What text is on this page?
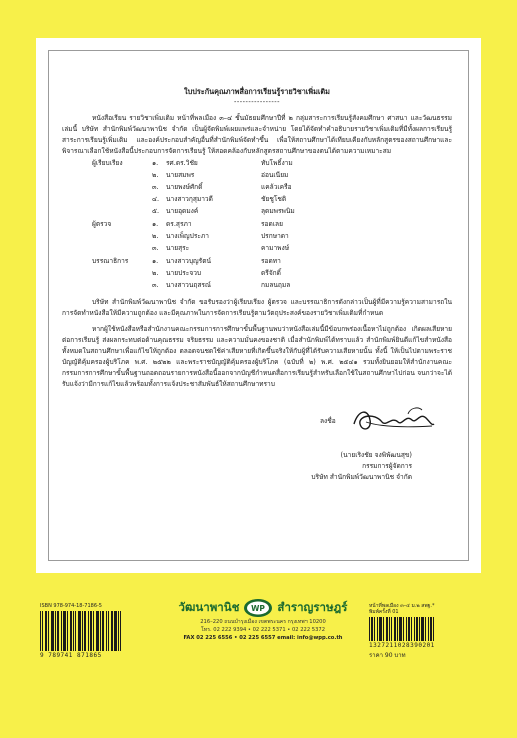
ใบประกันคุณภาพสื่อการเรียนรู้รายวิชาเพิ่มเติม
----------------

หนังสือเรียน รายวิชาเพิ่มเติม หน้าที่พลเมือง ๓–๔ ชั้นมัธยมศึกษาปีที่ ๒ กลุ่มสาระการเรียนรู้สังคมศึกษา ศาสนา และวัฒนธรรม เล่มนี้ บริษัท สำนักพิมพ์วัฒนาพานิช จำกัด เป็นผู้จัดพิมพ์เผยแพร่และจำหน่าย โดยได้จัดทำคำอธิบายรายวิชาเพิ่มเติมที่มีทั้งผลการเรียนรู้ สาระการเรียนรู้เพิ่มเติม และองค์ประกอบสำคัญอื่นที่สำนักพิมพ์จัดทำขึ้น เพื่อให้สถานศึกษาได้เทียบเคียงกับหลักสูตรของสถานศึกษาและพิจารณาเลือกใช้หนังสือนี้ประกอบการจัดการเรียนรู้ ให้สอดคล้องกับหลักสูตรสถานศึกษาของตนได้ตามความเหมาะสม

ผู้เรียบเรียง	๑. รศ.ดร.วิชัย	ทับโพธิ์งาม
๒. นายสมพร	อ่อนเนียม
๓. นายพงษ์ศักดิ์	แคล้วเครือ
๔. นางสาวกุสุมาวดี	ชัยชูโชติ
๕. นายอุดมงค์	ลุดมพรพนิม
ผู้ตรวจ	๑. ดร.สุรภา	รอดเลย
๒. นางเพ็ญประภา	ปรกษาดา
๓. นายสุระ	คามาพงษ์
บรรณาธิการ	๑. นางสาวบุญรัตน์	รอดทา
๒. นายประจวบ	ดรีจักดิ์
๓. นางสาวนฤสรณ์	กมลนฤมล

บริษัท สำนักพิมพ์วัฒนาพานิช จำกัด ขอรับรองว่าผู้เรียบเรียง ผู้ตรวจ และบรรณาธิการดังกล่าวเป็นผู้ที่มีความรู้ความสามารถในการจัดทำหนังสือให้มีความถูกต้อง และมีคุณภาพในการจัดการเรียนรู้ตามวัตถุประสงค์ของรายวิชาเพิ่มเติมที่กำหนด

หากผู้ใช้หนังสือหรือสำนักงานคณะกรรมการการศึกษาขั้นพื้นฐานพบว่าหนังสือเล่มนี้มีข้อบกพร่องเนื้อหาไม่ถูกต้อง เกิดผลเสียหายต่อการเรียนรู้ ส่งผลกระทบต่อด้านคุณธรรม จริยธรรม และความมั่นคงของชาติ เมื่อสำนักพิมพ์ได้ทราบแล้ว สำนักพิมพ์ยินดีแก้ไขสำหนังสือทั้งหมดในสถานศึกษาเพื่อแก้ไขให้ถูกต้อง ตลอดจนชดใช้ค่าเสียหายที่เกิดขึ้นจริงให้กับผู้ที่ได้รับความเสียหายนั้น ทั้งนี้ ให้เป็นไปตามพระราชบัญญัติคุ้มครองผู้บริโภค พ.ศ. ๒๕๒๒ และพระราชบัญญัติคุ้มครองผู้บริโภค (ฉบับที่ ๒) พ.ศ. ๒๕๔๑ รวมทั้งยินยอมให้สำนักงานคณะกรรมการการศึกษาขั้นพื้นฐานถอดถอนรายการหนังสือนี้ออกจากบัญชีกำหนดสื่อการเรียนรู้สำหรับเลือกใช้ในสถานศึกษาไปก่อน จนกว่าจะได้รับแจ้งว่ามีการแก้ไขแล้วพร้อมทั้งการแจ้งประชาสัมพันธ์ให้สถานศึกษาทราบ

ลงชื่อ
(นายเริงชัย จงพิพัฒนสุข)
กรรมการผู้จัดการ
บริษัท สำนักพิมพ์วัฒนาพานิช จำกัด
ISBN 978-974-18-7186-5
9 789741 871865
วัฒนาพานิช WP สำราญราษฎร์
216–220 ถนนบำรุงเมือง เขตพระนคร กรุงเทพฯ 10200
โทร. 02 222 9394 • 02 222 5371 • 02 222 5372
FAX 02 225 6556 • 02 225 6557 email: info@wpp.co.th
หน้าที่พลเมือง ๓–๔ ม.๒ สพฐ.*
พิมพ์ครั้งที่ 01
1327211028390201
ราคา 90 บาท
